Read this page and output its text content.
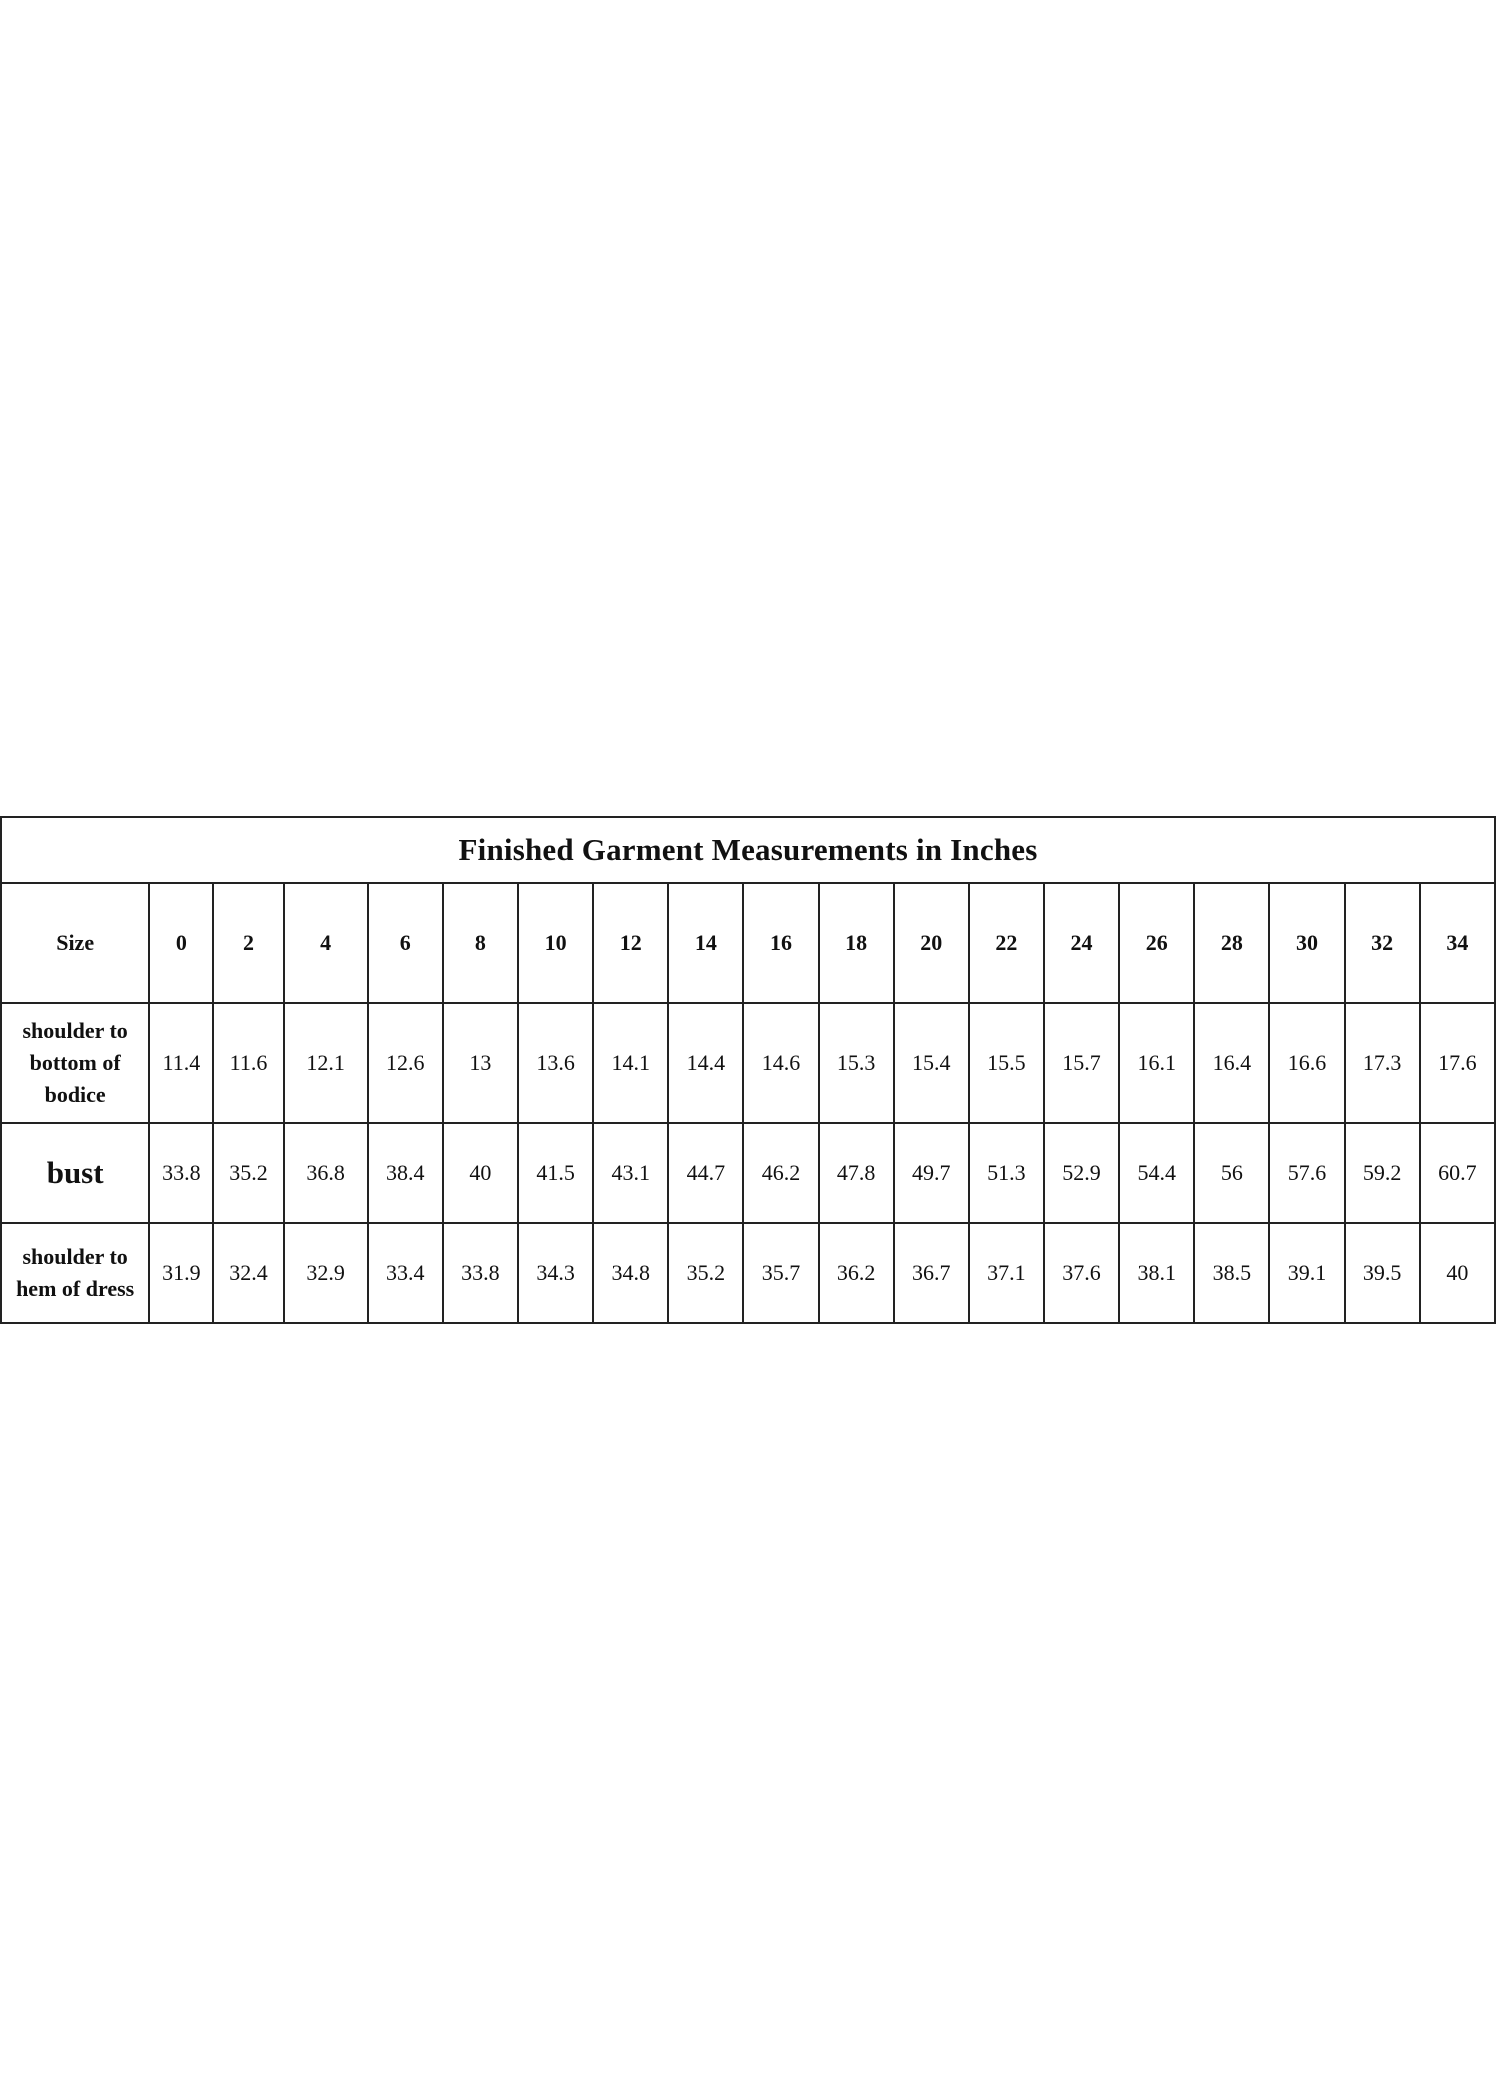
Finished Garment Measurements in Inches
Size	0	2	4	6	8	10	12	14	16	18	20	22	24	26	28	30	32	34

shoulder to
bottom of
bodice	11.4	11.6	12.1	12.6	13	13.6	14.1	14.4	14.6	15.3	15.4	15.5	15.7	16.1	16.4	16.6	17.3	17.6

bust	33.8	35.2	36.8	38.4	40	41.5	43.1	44.7	46.2	47.8	49.7	51.3	52.9	54.4	56	57.6	59.2	60.7

shoulder to
hem of dress	31.9	32.4	32.9	33.4	33.8	34.3	34.8	35.2	35.7	36.2	36.7	37.1	37.6	38.1	38.5	39.1	39.5	40
